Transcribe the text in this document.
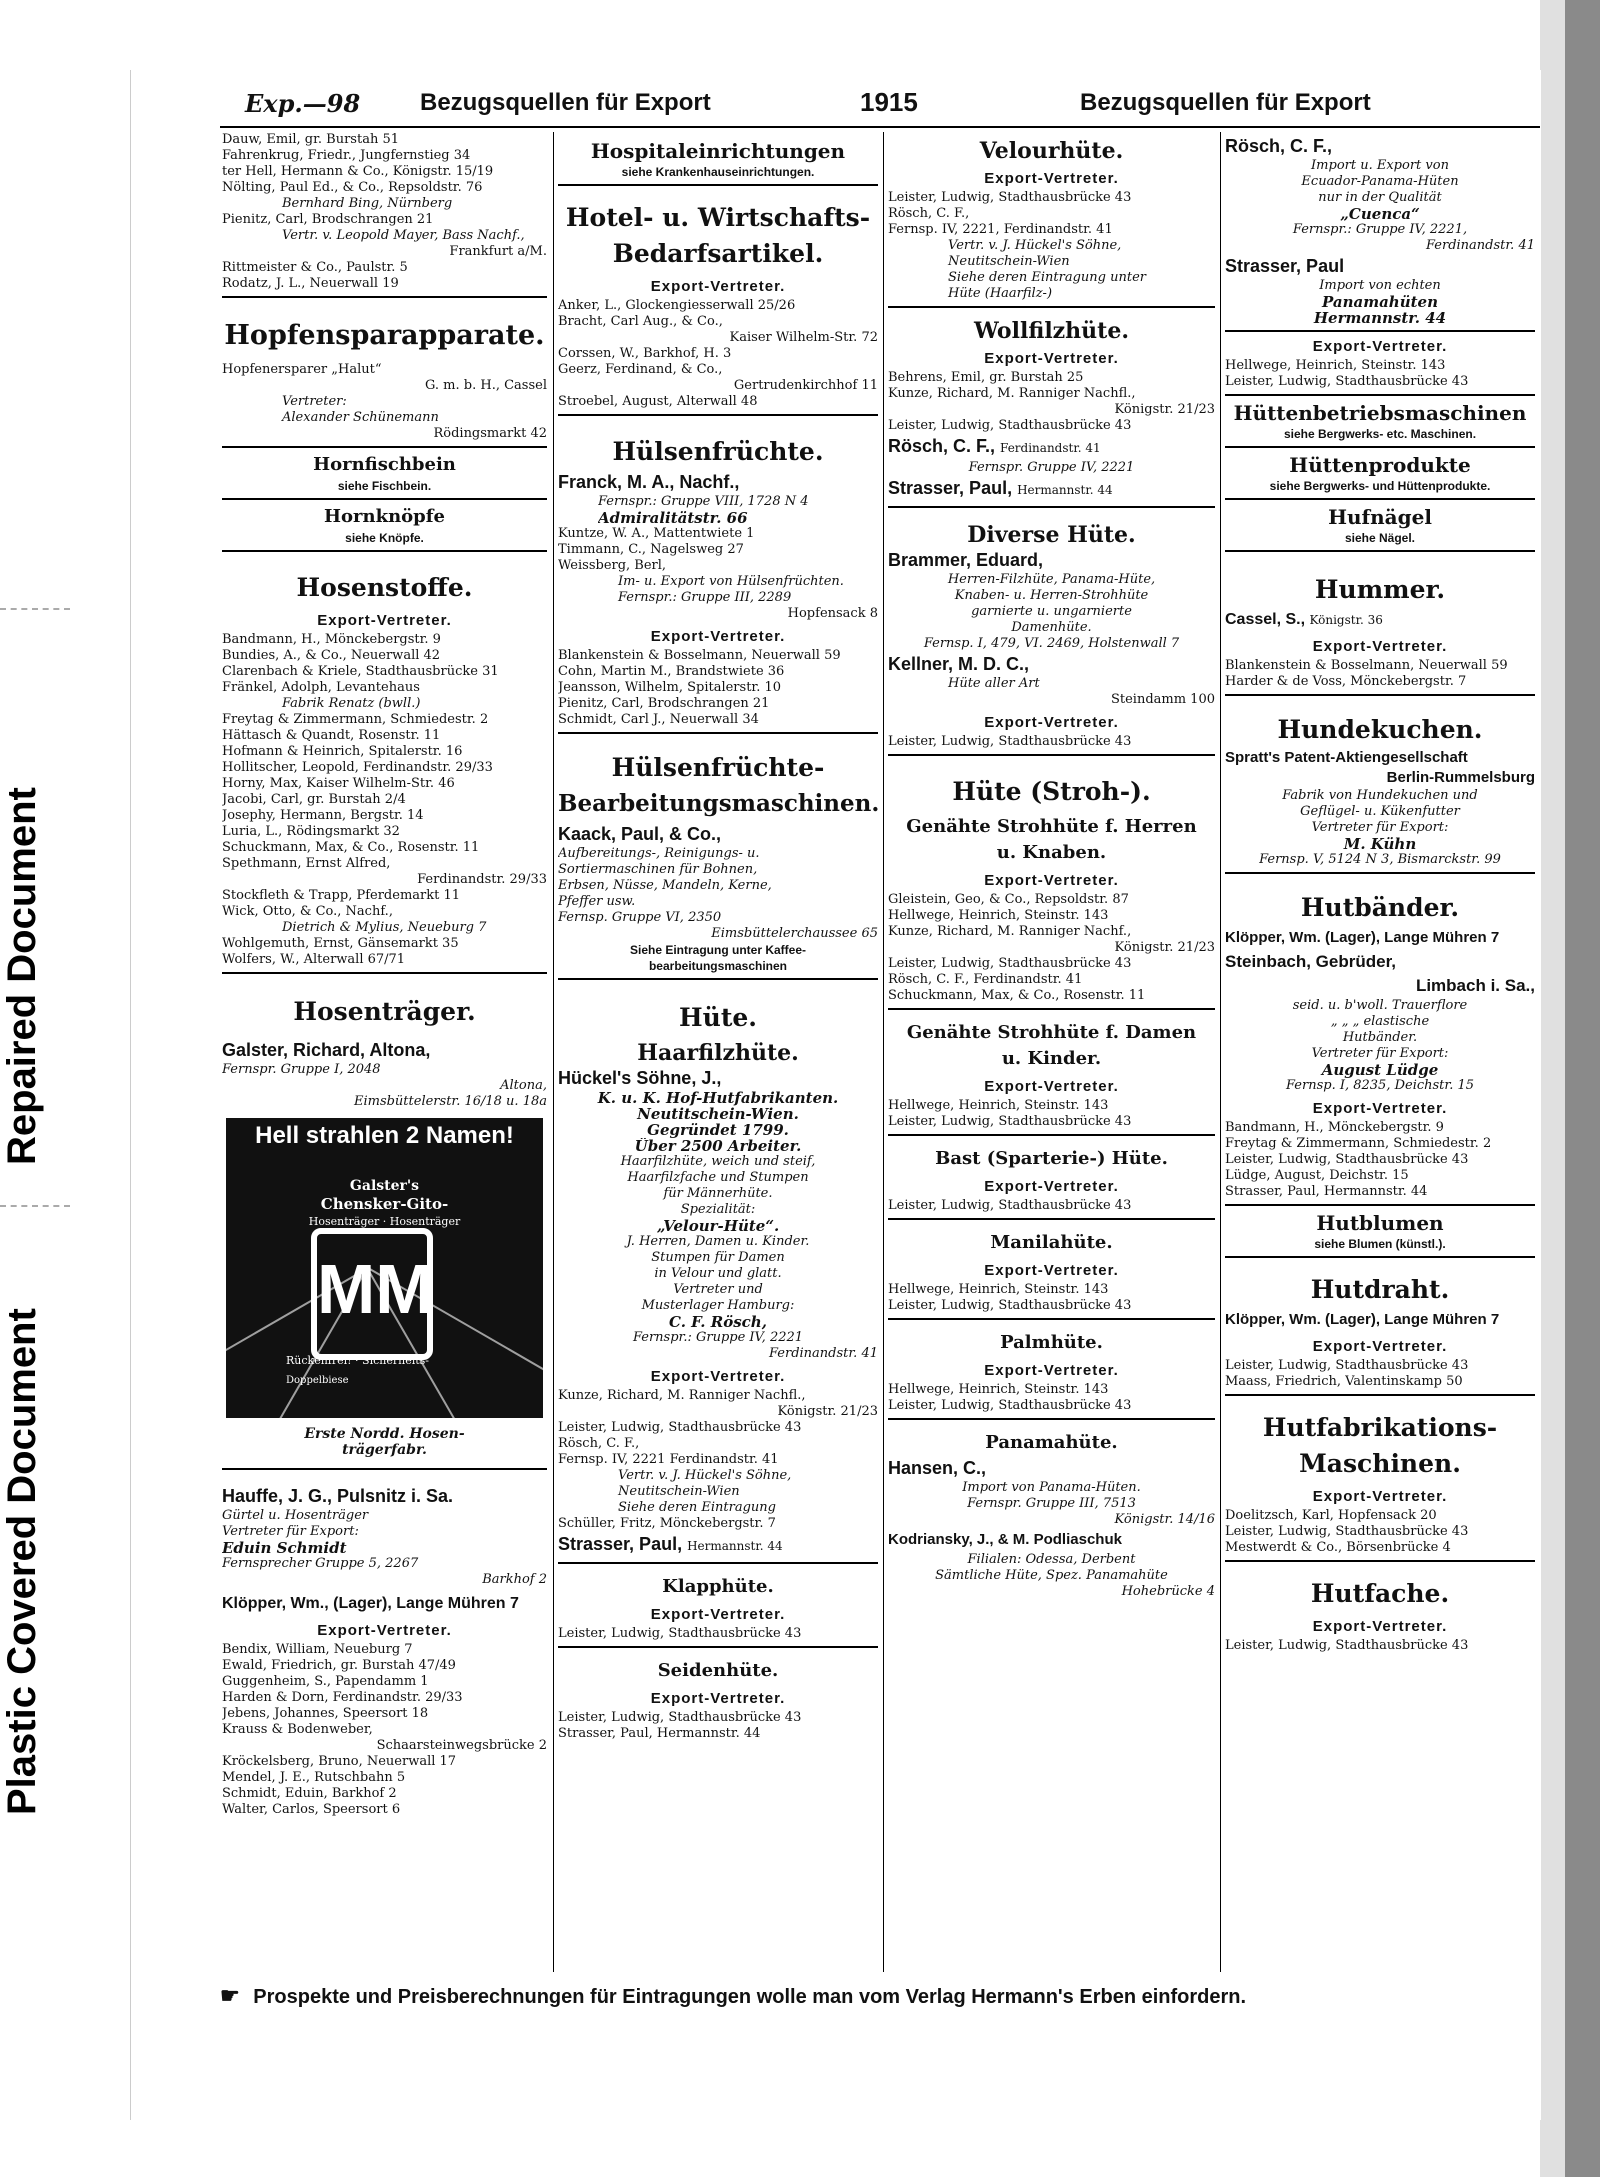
Repaired Document
Plastic Covered Document
Exp.—98 Bezugsquellen für Export	1915	Bezugsquellen für Export
Dauw, Emil, gr. Burstah 51
Fahrenkrug, Friedr., Jungfernstieg 34
ter Hell, Hermann & Co., Königstr. 15/19
Nölting, Paul Ed., & Co., Repsoldstr. 76
Bernhard Bing, Nürnberg
Pienitz, Carl, Brodschrangen 21
Vertr. v. Leopold Mayer, Bass Nachf.,
Frankfurt a/M.
Rittmeister & Co., Paulstr. 5
Rodatz, J. L., Neuerwall 19
Hopfensparapparate.
Hopfenersparer „Halut“
G. m. b. H., Cassel
Vertreter:
Alexander Schünemann
Rödingsmarkt 42
Hornfischbein
siehe Fischbein.
Hornknöpfe
siehe Knöpfe.
Hosenstoffe.
Export-Vertreter.
Bandmann, H., Mönckebergstr. 9
Bundies, A., & Co., Neuerwall 42
Clarenbach & Kriele, Stadthausbrücke 31
Fränkel, Adolph, Levantehaus
Fabrik Renatz (bwll.)
Freytag & Zimmermann, Schmiedestr. 2
Hättasch & Quandt, Rosenstr. 11
Hofmann & Heinrich, Spitalerstr. 16
Hollitscher, Leopold, Ferdinandstr. 29/33
Horny, Max, Kaiser Wilhelm-Str. 46
Jacobi, Carl, gr. Burstah 2/4
Josephy, Hermann, Bergstr. 14
Luria, L., Rödingsmarkt 32
Schuckmann, Max, & Co., Rosenstr. 11
Spethmann, Ernst Alfred,
Ferdinandstr. 29/33
Stockfleth & Trapp, Pferdemarkt 11
Wick, Otto, & Co., Nachf.,
Dietrich & Mylius, Neueburg 7
Wohlgemuth, Ernst, Gänsemarkt 35
Wolfers, W., Alterwall 67/71
Hosenträger.
Galster, Richard, Altona,
Fernspr. Gruppe I, 2048
Altona,
Eimsbüttelerstr. 16/18 u. 18a
Hell strahlen 2 Namen!
Galster's
Chensker-Gito-
Hosenträger · Hosenträger
MM
Rückenfrei! · Sicherheits-
Doppelbiese
Erste Nordd. Hosen-
trägerfabr.
Hauffe, J. G., Pulsnitz i. Sa.
Gürtel u. Hosenträger
Vertreter für Export:
Eduin Schmidt
Fernsprecher Gruppe 5, 2267
Barkhof 2
Klöpper, Wm., (Lager), Lange Mühren 7
Export-Vertreter.
Bendix, William, Neueburg 7
Ewald, Friedrich, gr. Burstah 47/49
Guggenheim, S., Papendamm 1
Harden & Dorn, Ferdinandstr. 29/33
Jebens, Johannes, Speersort 18
Krauss & Bodenweber,
Schaarsteinwegsbrücke 2
Kröckelsberg, Bruno, Neuerwall 17
Mendel, J. E., Rutschbahn 5
Schmidt, Eduin, Barkhof 2
Walter, Carlos, Speersort 6
Hospitaleinrichtungen
siehe Krankenhauseinrichtungen.
Hotel- u. Wirtschafts-
Bedarfsartikel.
Export-Vertreter.
Anker, L., Glockengiesserwall 25/26
Bracht, Carl Aug., & Co.,
Kaiser Wilhelm-Str. 72
Corssen, W., Barkhof, H. 3
Geerz, Ferdinand, & Co.,
Gertrudenkirchhof 11
Stroebel, August, Alterwall 48
Hülsenfrüchte.
Franck, M. A., Nachf.,
Fernspr.: Gruppe VIII, 1728 N 4
Admiralitätstr. 66
Kuntze, W. A., Mattentwiete 1
Timmann, C., Nagelsweg 27
Weissberg, Berl,
Im- u. Export von Hülsenfrüchten.
Fernspr.: Gruppe III, 2289
Hopfensack 8
Export-Vertreter.
Blankenstein & Bosselmann, Neuerwall 59
Cohn, Martin M., Brandstwiete 36
Jeansson, Wilhelm, Spitalerstr. 10
Pienitz, Carl, Brodschrangen 21
Schmidt, Carl J., Neuerwall 34
Hülsenfrüchte-
Bearbeitungsmaschinen.
Kaack, Paul, & Co.,
Aufbereitungs-, Reinigungs- u.
Sortiermaschinen für Bohnen,
Erbsen, Nüsse, Mandeln, Kerne,
Pfeffer usw.
Fernsp. Gruppe VI, 2350
Eimsbüttelerchaussee 65
Siehe Eintragung unter Kaffee-
bearbeitungsmaschinen
Hüte.
Haarfilzhüte.
Hückel's Söhne, J.,
K. u. K. Hof-Hutfabrikanten.
Neutitschein-Wien.
Gegründet 1799.
Über 2500 Arbeiter.
Haarfilzhüte, weich und steif,
Haarfilzfache und Stumpen
für Männerhüte.
Spezialität:
„Velour-Hüte“.
J. Herren, Damen u. Kinder.
Stumpen für Damen
in Velour und glatt.
Vertreter und
Musterlager Hamburg:
C. F. Rösch,
Fernspr.: Gruppe IV, 2221
Ferdinandstr. 41
Export-Vertreter.
Kunze, Richard, M. Ranniger Nachfl.,
Königstr. 21/23
Leister, Ludwig, Stadthausbrücke 43
Rösch, C. F.,
Fernsp. IV, 2221 Ferdinandstr. 41
Vertr. v. J. Hückel's Söhne,
Neutitschein-Wien
Siehe deren Eintragung
Schüller, Fritz, Mönckebergstr. 7
Strasser, Paul, Hermannstr. 44
Klapphüte.
Export-Vertreter.
Leister, Ludwig, Stadthausbrücke 43
Seidenhüte.
Export-Vertreter.
Leister, Ludwig, Stadthausbrücke 43
Strasser, Paul, Hermannstr. 44
Velourhüte.
Export-Vertreter.
Leister, Ludwig, Stadthausbrücke 43
Rösch, C. F.,
Fernsp. IV, 2221, Ferdinandstr. 41
Vertr. v. J. Hückel's Söhne,
Neutitschein-Wien
Siehe deren Eintragung unter
Hüte (Haarfilz-)
Wollfilzhüte.
Export-Vertreter.
Behrens, Emil, gr. Burstah 25
Kunze, Richard, M. Ranniger Nachfl.,
Königstr. 21/23
Leister, Ludwig, Stadthausbrücke 43
Rösch, C. F., Ferdinandstr. 41
Fernspr. Gruppe IV, 2221
Strasser, Paul, Hermannstr. 44
Diverse Hüte.
Brammer, Eduard,
Herren-Filzhüte, Panama-Hüte,
Knaben- u. Herren-Strohhüte
garnierte u. ungarnierte
Damenhüte.
Fernsp. I, 479, VI. 2469, Holstenwall 7
Kellner, M. D. C.,
Hüte aller Art
Steindamm 100
Export-Vertreter.
Leister, Ludwig, Stadthausbrücke 43
Hüte (Stroh-).
Genähte Strohhüte f. Herren
u. Knaben.
Export-Vertreter.
Gleistein, Geo, & Co., Repsoldstr. 87
Hellwege, Heinrich, Steinstr. 143
Kunze, Richard, M. Ranniger Nachf.,
Königstr. 21/23
Leister, Ludwig, Stadthausbrücke 43
Rösch, C. F., Ferdinandstr. 41
Schuckmann, Max, & Co., Rosenstr. 11
Genähte Strohhüte f. Damen
u. Kinder.
Export-Vertreter.
Hellwege, Heinrich, Steinstr. 143
Leister, Ludwig, Stadthausbrücke 43
Bast (Sparterie-) Hüte.
Export-Vertreter.
Leister, Ludwig, Stadthausbrücke 43
Manilahüte.
Export-Vertreter.
Hellwege, Heinrich, Steinstr. 143
Leister, Ludwig, Stadthausbrücke 43
Palmhüte.
Export-Vertreter.
Hellwege, Heinrich, Steinstr. 143
Leister, Ludwig, Stadthausbrücke 43
Panamahüte.
Hansen, C.,
Import von Panama-Hüten.
Fernspr. Gruppe III, 7513
Königstr. 14/16
Kodriansky, J., & M. Podliaschuk
Filialen: Odessa, Derbent
Sämtliche Hüte, Spez. Panamahüte
Hohebrücke 4
Rösch, C. F.,
Import u. Export von
Ecuador-Panama-Hüten
nur in der Qualität
„Cuenca“
Fernspr.: Gruppe IV, 2221,
Ferdinandstr. 41
Strasser, Paul
Import von echten
Panamahüten
Hermannstr. 44
Export-Vertreter.
Hellwege, Heinrich, Steinstr. 143
Leister, Ludwig, Stadthausbrücke 43
Hüttenbetriebsmaschinen
siehe Bergwerks- etc. Maschinen.
Hüttenprodukte
siehe Bergwerks- und Hüttenprodukte.
Hufnägel
siehe Nägel.
Hummer.
Cassel, S., Königstr. 36
Export-Vertreter.
Blankenstein & Bosselmann, Neuerwall 59
Harder & de Voss, Mönckebergstr. 7
Hundekuchen.
Spratt's Patent-Aktiengesellschaft
Berlin-Rummelsburg
Fabrik von Hundekuchen und
Geflügel- u. Kükenfutter
Vertreter für Export:
M. Kühn
Fernsp. V, 5124 N 3, Bismarckstr. 99
Hutbänder.
Klöpper, Wm. (Lager), Lange Mühren 7
Steinbach, Gebrüder,
Limbach i. Sa.,
seid. u. b'woll. Trauerflore
„ „ „ elastische
Hutbänder.
Vertreter für Export:
August Lüdge
Fernsp. I, 8235, Deichstr. 15
Export-Vertreter.
Bandmann, H., Mönckebergstr. 9
Freytag & Zimmermann, Schmiedestr. 2
Leister, Ludwig, Stadthausbrücke 43
Lüdge, August, Deichstr. 15
Strasser, Paul, Hermannstr. 44
Hutblumen
siehe Blumen (künstl.).
Hutdraht.
Klöpper, Wm. (Lager), Lange Mühren 7
Export-Vertreter.
Leister, Ludwig, Stadthausbrücke 43
Maass, Friedrich, Valentinskamp 50
Hutfabrikations-
Maschinen.
Export-Vertreter.
Doelitzsch, Karl, Hopfensack 20
Leister, Ludwig, Stadthausbrücke 43
Mestwerdt & Co., Börsenbrücke 4
Hutfache.
Export-Vertreter.
Leister, Ludwig, Stadthausbrücke 43
☛ Prospekte und Preisberechnungen für Eintragungen wolle man vom Verlag Hermann's Erben einfordern.
